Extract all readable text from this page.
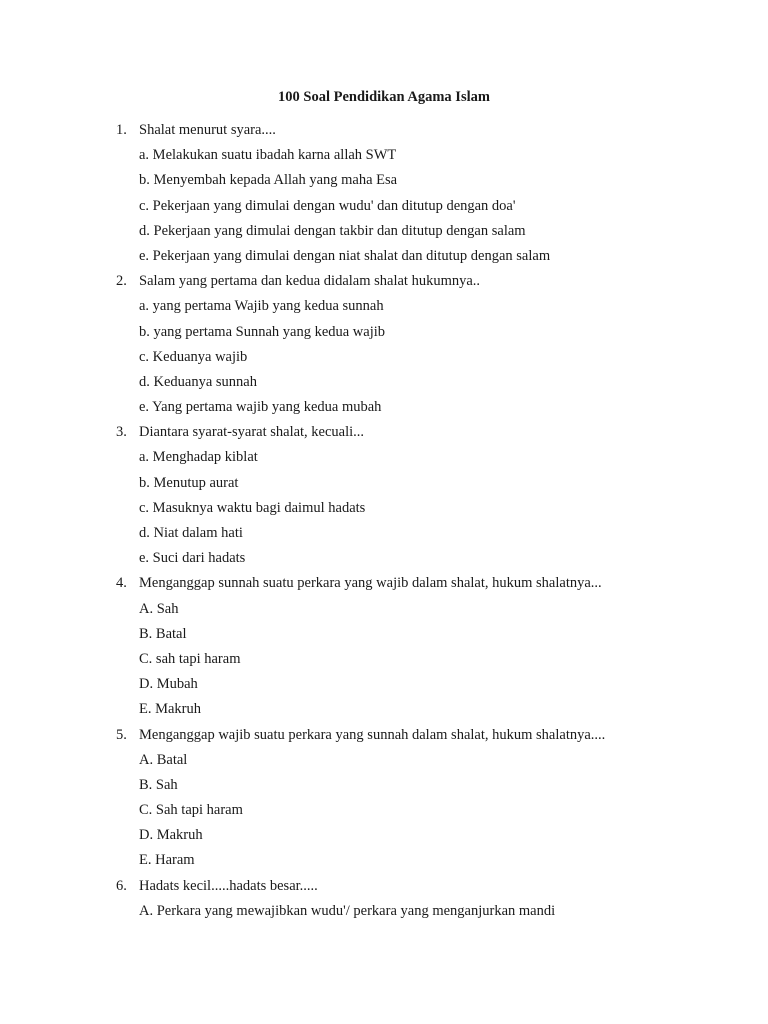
100 Soal Pendidikan Agama Islam
1. Shalat menurut syara....
a. Melakukan suatu ibadah karna allah SWT
b. Menyembah kepada Allah yang maha Esa
c. Pekerjaan yang dimulai dengan wudu' dan ditutup dengan doa'
d. Pekerjaan yang dimulai dengan takbir dan ditutup dengan salam
e. Pekerjaan yang dimulai dengan niat shalat dan ditutup dengan salam
2. Salam yang pertama dan kedua didalam shalat hukumnya..
a. yang pertama Wajib yang kedua sunnah
b. yang pertama Sunnah yang kedua wajib
c. Keduanya wajib
d. Keduanya sunnah
e. Yang pertama wajib yang kedua mubah
3. Diantara syarat-syarat shalat, kecuali...
a. Menghadap kiblat
b. Menutup aurat
c. Masuknya waktu bagi daimul hadats
d. Niat dalam hati
e. Suci dari hadats
4. Menganggap sunnah suatu perkara yang wajib dalam shalat, hukum shalatnya...
A. Sah
B. Batal
C. sah tapi haram
D. Mubah
E. Makruh
5. Menganggap wajib suatu perkara yang sunnah dalam shalat, hukum shalatnya....
A. Batal
B. Sah
C. Sah tapi haram
D. Makruh
E. Haram
6. Hadats kecil.....hadats besar.....
A. Perkara yang mewajibkan wudu'/ perkara yang menganjurkan mandi
